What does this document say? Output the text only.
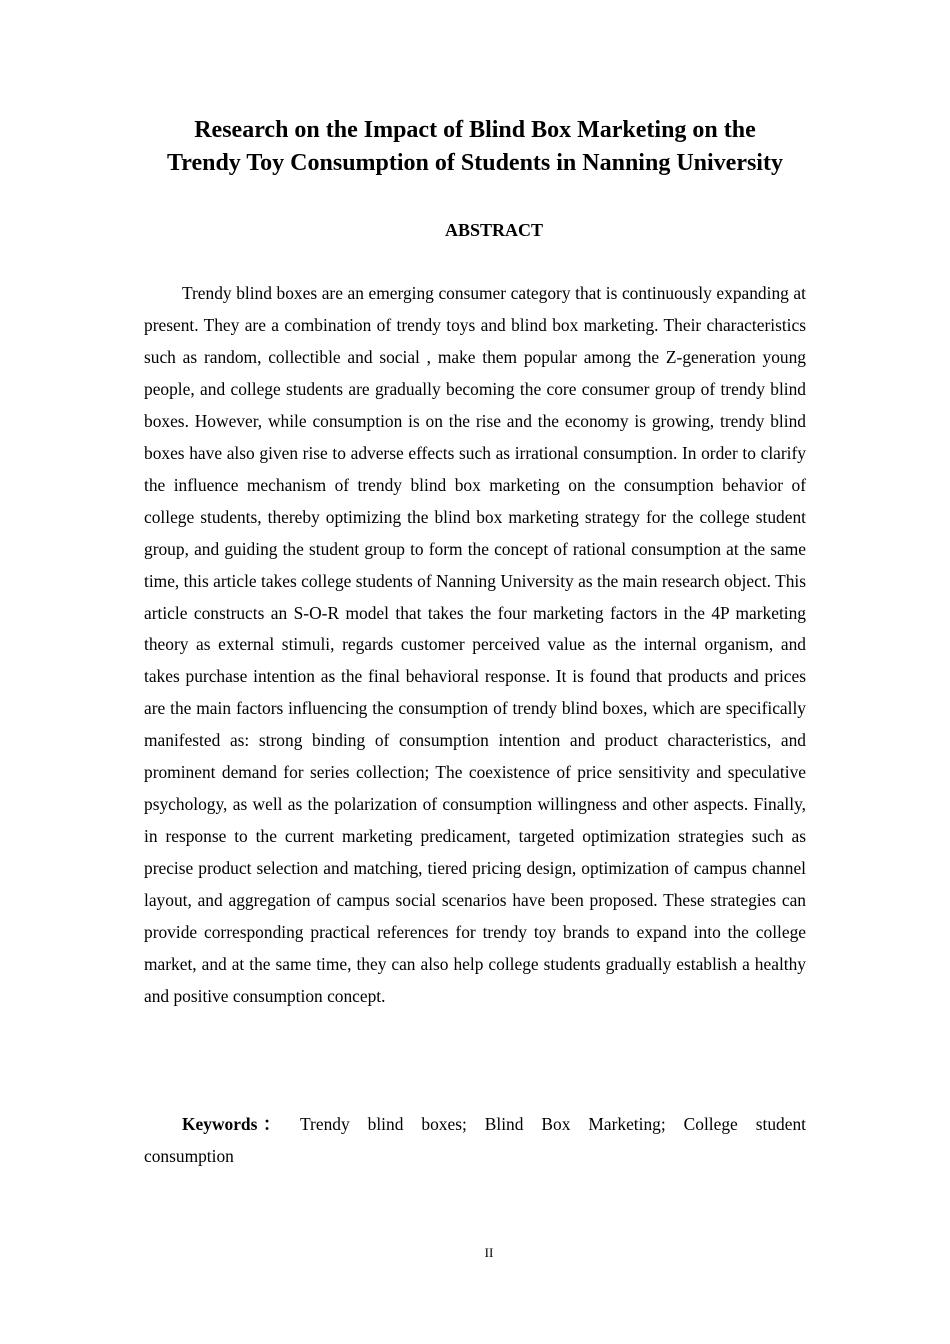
Research on the Impact of Blind Box Marketing on the
Trendy Toy Consumption of Students in Nanning University
ABSTRACT

Trendy blind boxes are an emerging consumer category that is continuously expanding at present. They are a combination of trendy toys and blind box marketing. Their characteristics such as random, collectible and social , make them popular among the Z-generation young people, and college students are gradually becoming the core consumer group of trendy blind boxes. However, while consumption is on the rise and the economy is growing, trendy blind boxes have also given rise to adverse effects such as irrational consumption. In order to clarify the influence mechanism of trendy blind box marketing on the consumption behavior of college students, thereby optimizing the blind box marketing strategy for the college student group, and guiding the student group to form the concept of rational consumption at the same time, this article takes college students of Nanning University as the main research object. This article constructs an S-O-R model that takes the four marketing factors in the 4P marketing theory as external stimuli, regards customer perceived value as the internal organism, and takes purchase intention as the final behavioral response. It is found that products and prices are the main factors influencing the consumption of trendy blind boxes, which are specifically manifested as: strong binding of consumption intention and product characteristics, and prominent demand for series collection; The coexistence of price sensitivity and speculative psychology, as well as the polarization of consumption willingness and other aspects. Finally, in response to the current marketing predicament, targeted optimization strategies such as precise product selection and matching, tiered pricing design, optimization of campus channel layout, and aggregation of campus social scenarios have been proposed. These strategies can provide corresponding practical references for trendy toy brands to expand into the college market, and at the same time, they can also help college students gradually establish a healthy and positive consumption concept.

Keywords： Trendy blind boxes; Blind Box Marketing; College student consumption

II
